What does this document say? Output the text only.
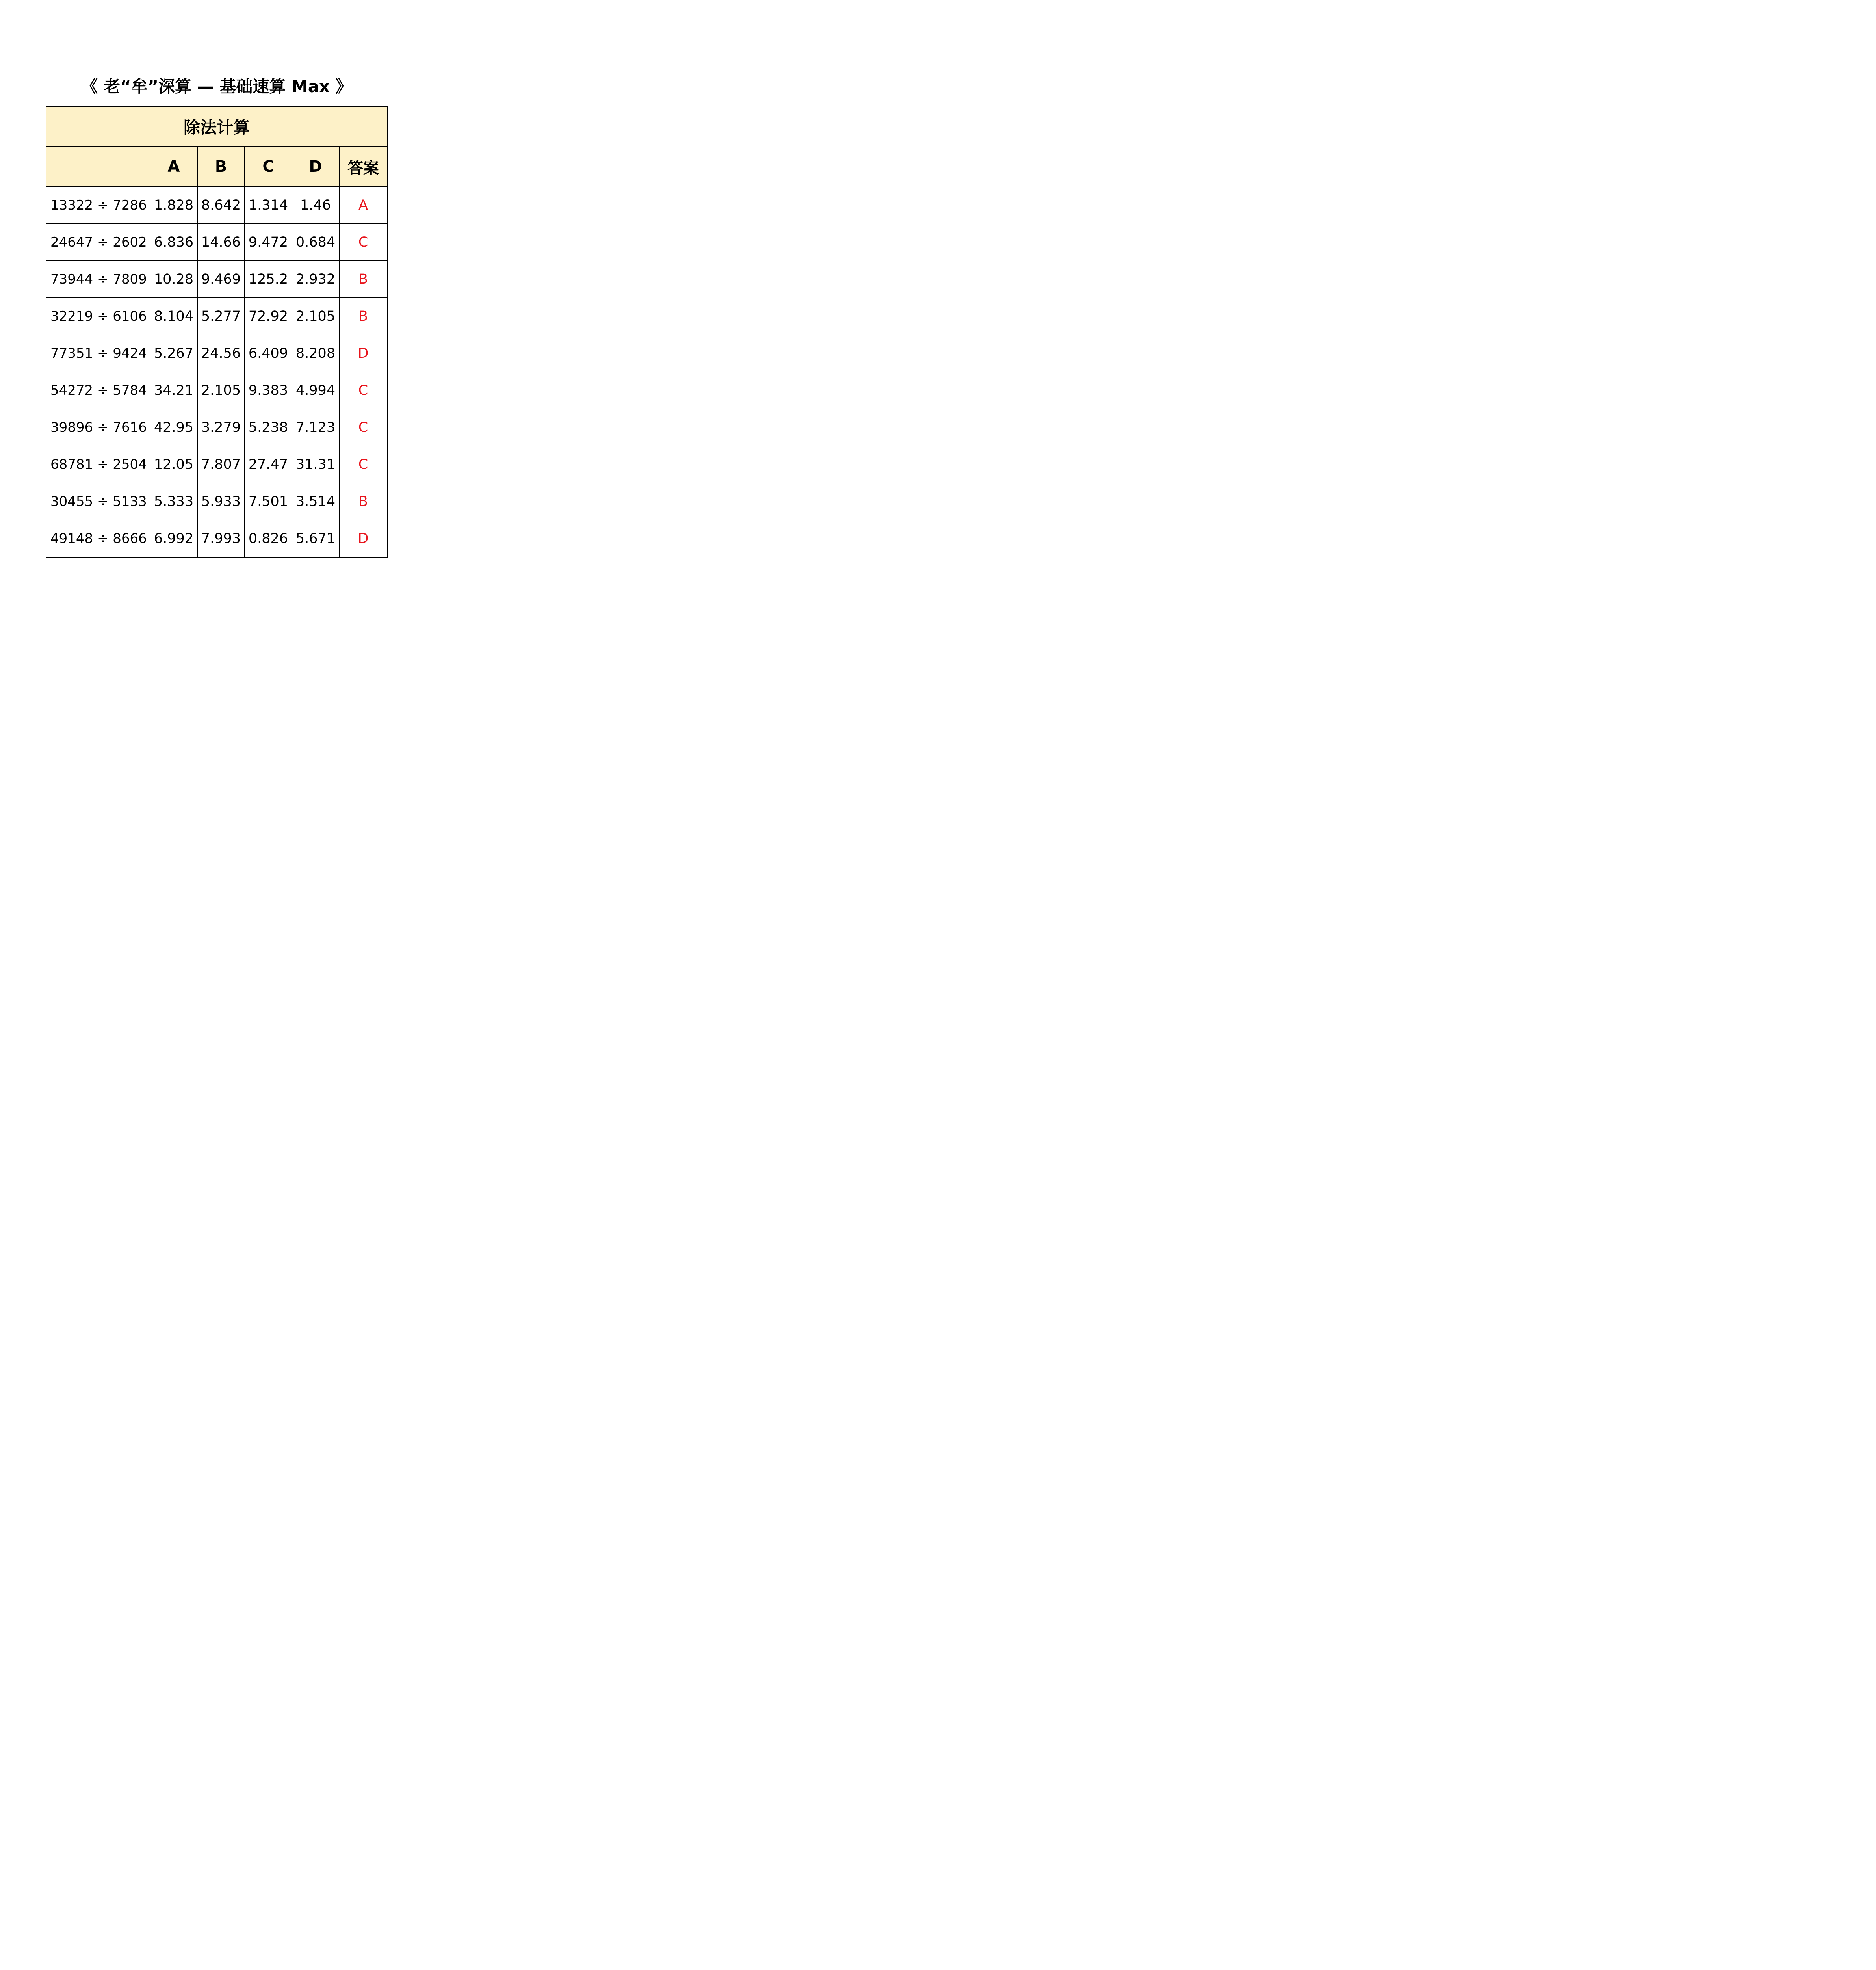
《 老“牟”深算 — 基础速算 Max 》
除法计算					
	A	B	C	D	答案
13322 ÷ 7286	1.828	8.642	1.314	1.46	A
24647 ÷ 2602	6.836	14.66	9.472	0.684	C
73944 ÷ 7809	10.28	9.469	125.2	2.932	B
32219 ÷ 6106	8.104	5.277	72.92	2.105	B
77351 ÷ 9424	5.267	24.56	6.409	8.208	D
54272 ÷ 5784	34.21	2.105	9.383	4.994	C
39896 ÷ 7616	42.95	3.279	5.238	7.123	C
68781 ÷ 2504	12.05	7.807	27.47	31.31	C
30455 ÷ 5133	5.333	5.933	7.501	3.514	B
49148 ÷ 8666	6.992	7.993	0.826	5.671	D
